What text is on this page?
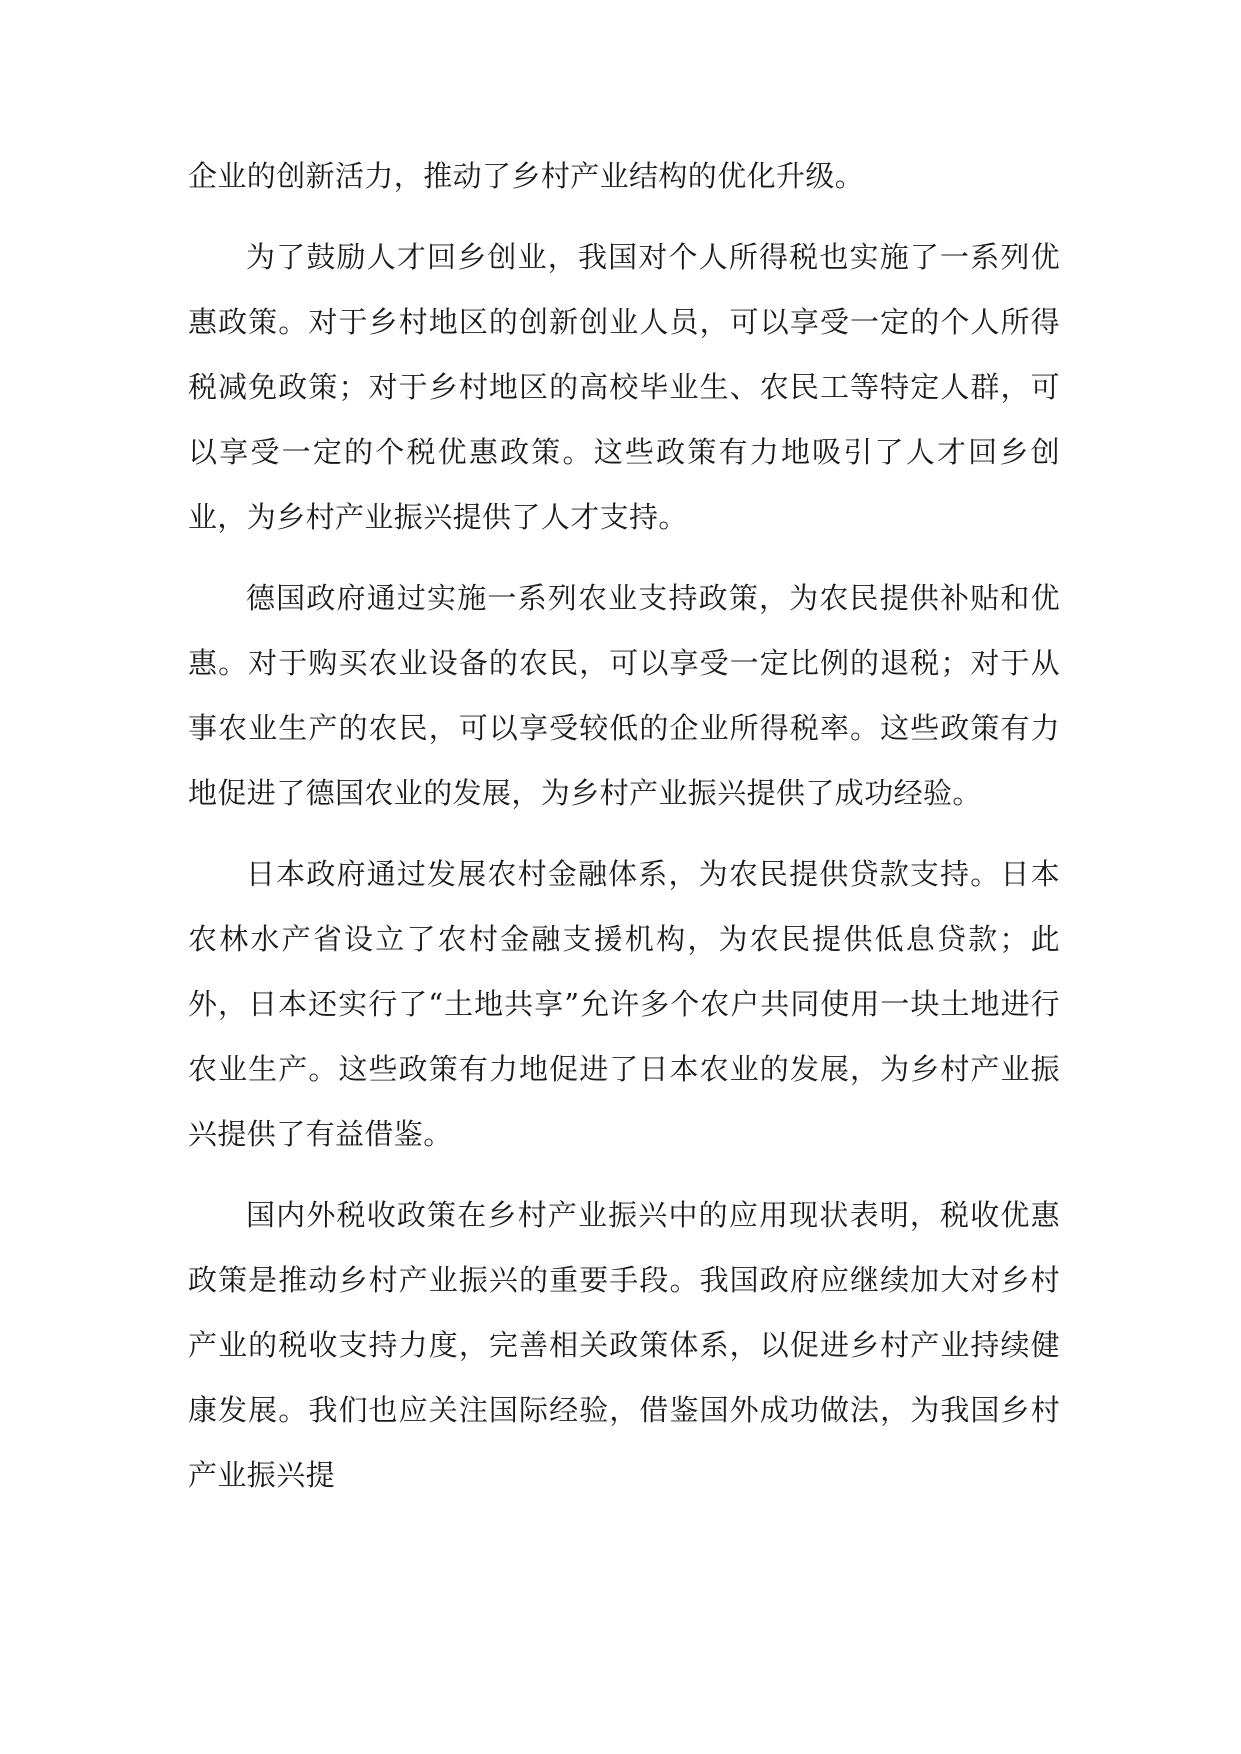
企业的创新活力，推动了乡村产业结构的优化升级。

为了鼓励人才回乡创业，我国对个人所得税也实施了一系列优惠政策。对于乡村地区的创新创业人员，可以享受一定的个人所得税减免政策；对于乡村地区的高校毕业生、农民工等特定人群，可以享受一定的个税优惠政策。这些政策有力地吸引了人才回乡创业，为乡村产业振兴提供了人才支持。

德国政府通过实施一系列农业支持政策，为农民提供补贴和优惠。对于购买农业设备的农民，可以享受一定比例的退税；对于从事农业生产的农民，可以享受较低的企业所得税率。这些政策有力地促进了德国农业的发展，为乡村产业振兴提供了成功经验。

日本政府通过发展农村金融体系，为农民提供贷款支持。日本农林水产省设立了农村金融支援机构，为农民提供低息贷款；此外，日本还实行了“土地共享”允许多个农户共同使用一块土地进行农业生产。这些政策有力地促进了日本农业的发展，为乡村产业振兴提供了有益借鉴。

国内外税收政策在乡村产业振兴中的应用现状表明，税收优惠政策是推动乡村产业振兴的重要手段。我国政府应继续加大对乡村产业的税收支持力度，完善相关政策体系，以促进乡村产业持续健康发展。我们也应关注国际经验，借鉴国外成功做法，为我国乡村产业振兴提
